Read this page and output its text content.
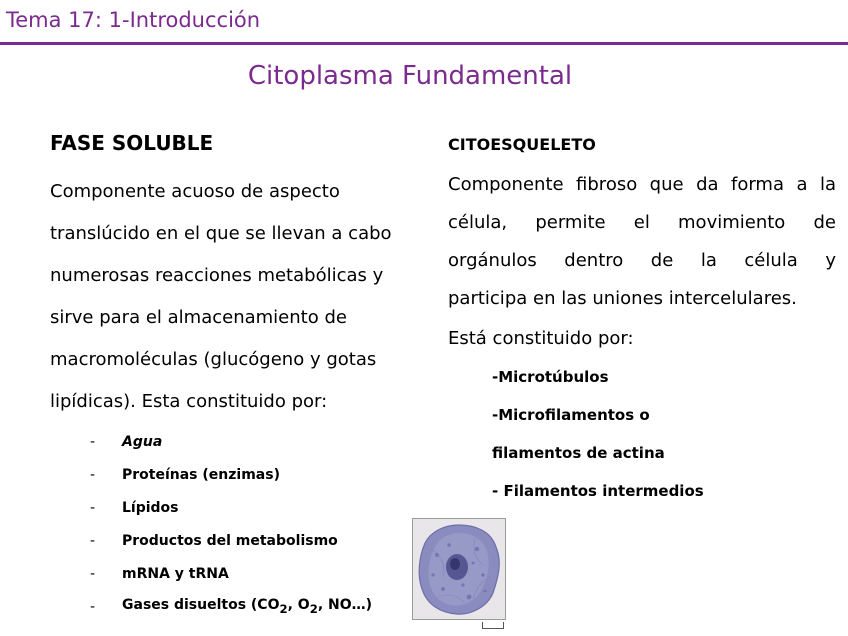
Tema 17: 1-Introducción
Citoplasma Fundamental
FASE SOLUBLE

Componente acuoso de aspecto
translúcido en el que se llevan a cabo
numerosas reacciones metabólicas y
sirve para el almacenamiento de
macromoléculas (glucógeno y gotas
lipídicas). Esta constituido por:

-	Agua
-	Proteínas (enzimas)
-	Lípidos
-	Productos del metabolismo
-	mRNA y tRNA
-	Gases disueltos ($CO_2$, $O_2$, NO…)
CITOESQUELETO

Componente fibroso que da forma a la
célula, permite el movimiento de
orgánulos dentro de la célula y
participa en las uniones intercelulares.

Está constituido por:
-Microtúbulos
-Microfilamentos o
filamentos de actina
- Filamentos intermedios
